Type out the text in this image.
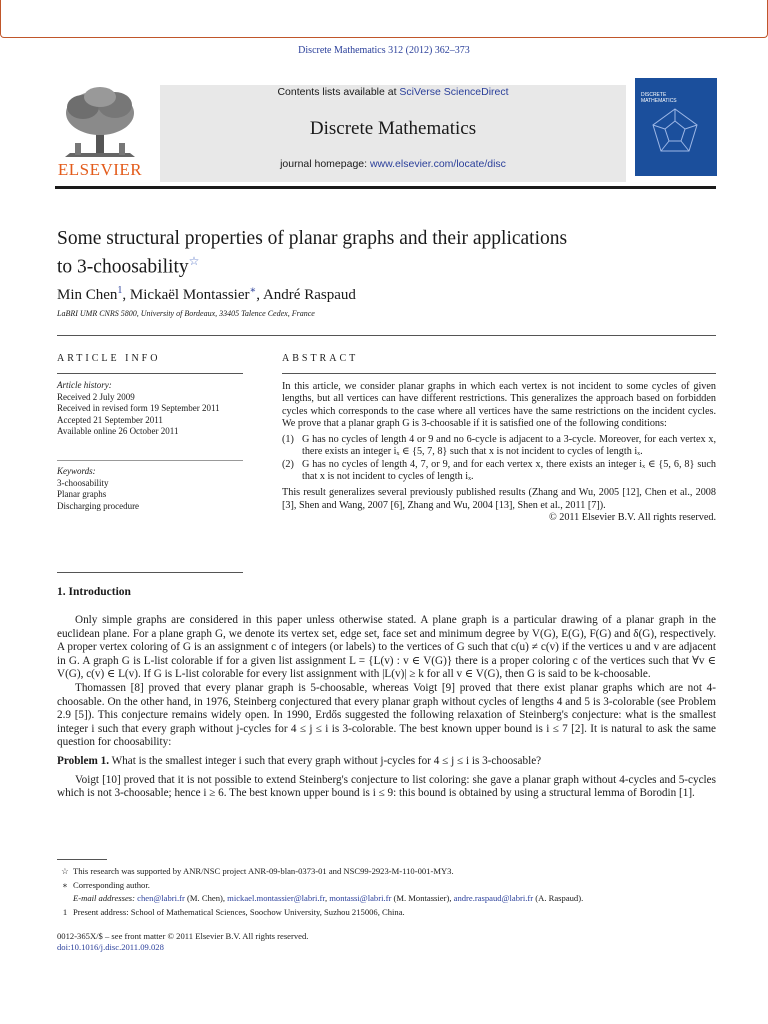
Discrete Mathematics 312 (2012) 362–373
ELSEVIER
Contents lists available at SciVerse ScienceDirect
Discrete Mathematics
journal homepage: www.elsevier.com/locate/disc
DISCRETE MATHEMATICS
Some structural properties of planar graphs and their applications
to 3-choosability☆
Min Chen$^1$, Mickaël Montassier∗, André Raspaud
LaBRI UMR CNRS 5800, University of Bordeaux, 33405 Talence Cedex, France
ARTICLE INFO
Article history:
Received 2 July 2009
Received in revised form 19 September 2011
Accepted 21 September 2011
Available online 26 October 2011
Keywords:
3-choosability
Planar graphs
Discharging procedure
ABSTRACT

In this article, we consider planar graphs in which each vertex is not incident to some cycles of given lengths, but all vertices can have different restrictions. This generalizes the approach based on forbidden cycles which corresponds to the case where all vertices have the same restrictions on the incident cycles. We prove that a planar graph G is 3-choosable if it is satisfied one of the following conditions:

(1) G has no cycles of length 4 or 9 and no 6-cycle is adjacent to a 3-cycle. Moreover, for each vertex x, there exists an integer iₓ ∈ {5, 7, 8} such that x is not incident to cycles of length iₓ.
(2) G has no cycles of length 4, 7, or 9, and for each vertex x, there exists an integer iₓ ∈ {5, 6, 8} such that x is not incident to cycles of length iₓ.

This result generalizes several previously published results (Zhang and Wu, 2005 [12], Chen et al., 2008 [3], Shen and Wang, 2007 [6], Zhang and Wu, 2004 [13], Shen et al., 2011 [7]).

© 2011 Elsevier B.V. All rights reserved.

1. Introduction

Only simple graphs are considered in this paper unless otherwise stated. A plane graph is a particular drawing of a planar graph in the euclidean plane. For a plane graph G, we denote its vertex set, edge set, face set and minimum degree by V(G), E(G), F(G) and δ(G), respectively. A proper vertex coloring of G is an assignment c of integers (or labels) to the vertices of G such that c(u) ≠ c(v) if the vertices u and v are adjacent in G. A graph G is L-list colorable if for a given list assignment L = {L(v) : v ∈ V(G)} there is a proper coloring c of the vertices such that ∀v ∈ V(G), c(v) ∈ L(v). If G is L-list colorable for every list assignment with |L(v)| ≥ k for all v ∈ V(G), then G is said to be k-choosable.

Thomassen [8] proved that every planar graph is 5-choosable, whereas Voigt [9] proved that there exist planar graphs which are not 4-choosable. On the other hand, in 1976, Steinberg conjectured that every planar graph without cycles of lengths 4 and 5 is 3-colorable (see Problem 2.9 [5]). This conjecture remains widely open. In 1990, Erdős suggested the following relaxation of Steinberg's conjecture: what is the smallest integer i such that every graph without j-cycles for 4 ≤ j ≤ i is 3-colorable. The best known upper bound is i ≤ 7 [2]. It is natural to ask the same question for choosability:

Problem 1. What is the smallest integer i such that every graph without j-cycles for 4 ≤ j ≤ i is 3-choosable?

Voigt [10] proved that it is not possible to extend Steinberg's conjecture to list coloring: she gave a planar graph without 4-cycles and 5-cycles which is not 3-choosable; hence i ≥ 6. The best known upper bound is i ≤ 9: this bound is obtained by using a structural lemma of Borodin [1].

☆ This research was supported by ANR/NSC project ANR-09-blan-0373-01 and NSC99-2923-M-110-001-MY3.
∗ Corresponding author.
E-mail addresses: chen@labri.fr (M. Chen), mickael.montassier@labri.fr, montassi@labri.fr (M. Montassier), andre.raspaud@labri.fr (A. Raspaud).
1 Present address: School of Mathematical Sciences, Soochow University, Suzhou 215006, China.
0012-365X/$ – see front matter © 2011 Elsevier B.V. All rights reserved.
doi:10.1016/j.disc.2011.09.028
